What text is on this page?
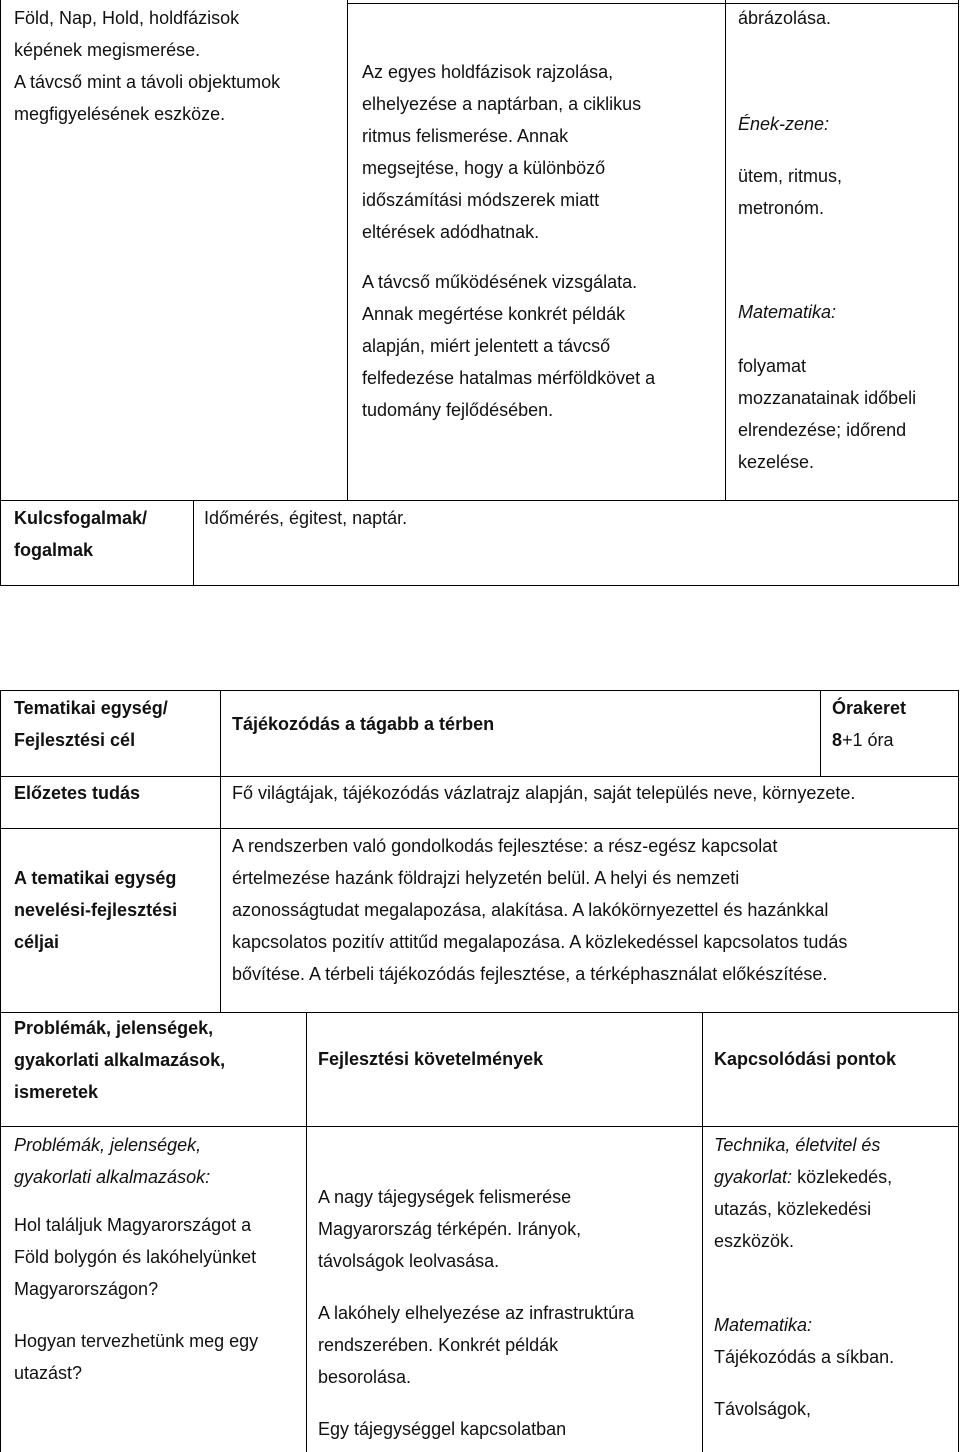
Föld, Nap, Hold, holdfázisok

képének megismerése.

A távcső mint a távoli objektumok

megfigyelésének eszköze.

Az egyes holdfázisok rajzolása,

elhelyezése a naptárban, a ciklikus

ritmus felismerése. Annak

megsejtése, hogy a különböző

időszámítási módszerek miatt

eltérések adódhatnak.

A távcső működésének vizsgálata.

Annak megértése konkrét példák

alapján, miért jelentett a távcső

felfedezése hatalmas mérföldkövet a

tudomány fejlődésében.

ábrázolása.
Ének-zene:

ütem, ritmus,

metronóm.

Matematika:

folyamat

mozzanatainak időbeli

elrendezése; időrend

kezelése.

Kulcsfogalmak/

fogalmak

Időmérés, égitest, naptár.

Tematikai egység/

Fejlesztési cél

Tájékozódás a tágabb a térben

Órakeret

8+1 óra

Előzetes tudás	Fő világtájak, tájékozódás vázlatrajz alapján, saját település neve, környezete.

A tematikai egység

nevelési-fejlesztési

céljai

A rendszerben való gondolkodás fejlesztése: a rész-egész kapcsolat

értelmezése hazánk földrajzi helyzetén belül. A helyi és nemzeti

azonosságtudat megalapozása, alakítása. A lakókörnyezettel és hazánkkal

kapcsolatos pozitív attitűd megalapozása. A közlekedéssel kapcsolatos tudás

bővítése. A térbeli tájékozódás fejlesztése, a térképhasználat előkészítése.

Problémák, jelenségek,

gyakorlati alkalmazások,

ismeretek

Fejlesztési követelmények	Kapcsolódási pontok

Problémák, jelenségek,

gyakorlati alkalmazások:

Hol találjuk Magyarországot a

Föld bolygón és lakóhelyünket

Magyarországon?

Hogyan tervezhetünk meg egy

utazást?

A nagy tájegységek felismerése

Magyarország térképén. Irányok,

távolságok leolvasása.

A lakóhely elhelyezése az infrastruktúra

rendszerében. Konkrét példák

besorolása.

Egy tájegységgel kapcsolatban

Technika, életvitel és

gyakorlat: közlekedés,

utazás, közlekedési

eszközök.

Matematika:

Tájékozódás a síkban.

Távolságok,
